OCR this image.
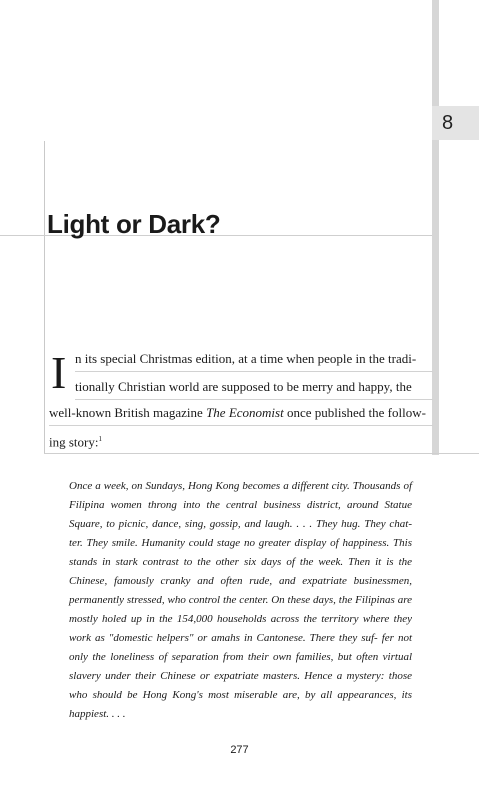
8
Light or Dark?
I n its special Christmas edition, at a time when people in the tradi-
tionally Christian world are supposed to be merry and happy, the
well-known British magazine The Economist once published the follow-
ing story:$^1$
Once a week, on Sundays, Hong Kong becomes a different city. Thousands of Filipina women throng into the central business district, around Statue Square, to picnic, dance, sing, gossip, and laugh. . . . They hug. They chat- ter. They smile. Humanity could stage no greater display of happiness. This stands in stark contrast to the other six days of the week. Then it is the Chinese, famously cranky and often rude, and expatriate businessmen, permanently stressed, who control the center. On these days, the Filipinas are mostly holed up in the 154,000 households across the territory where they work as "domestic helpers" or amahs in Cantonese. There they suf- fer not only the loneliness of separation from their own families, but often virtual slavery under their Chinese or expatriate masters. Hence a mystery: those who should be Hong Kong's most miserable are, by all appearances, its happiest. . . .
277
